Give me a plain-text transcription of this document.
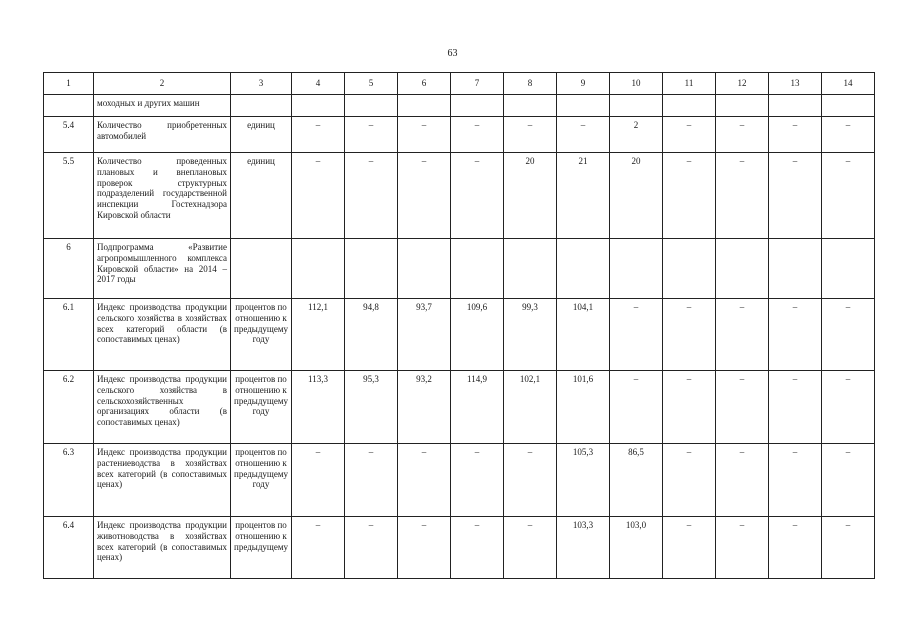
63
1	2	3	4	5	6	7	8	9	10	11	12	13	14
	моходных и других машин												
5.4	Количество приобретенных автомобилей	единиц	–	–	–	–	–	–	2	–	–	–	–
5.5	Количество проведенных плановых и внеплановых проверок структурных подразделений государственной инспекции Гостехнадзора Кировской области	единиц	–	–	–	–	20	21	20	–	–	–	–
6	Подпрограмма «Развитие агропромышленного комплекса Кировской области» на 2014 – 2017 годы												
6.1	Индекс производства продукции сельского хозяйства в хозяйствах всех категорий области (в сопоставимых ценах)	процентов по отношению к предыдущему году	112,1	94,8	93,7	109,6	99,3	104,1	–	–	–	–	–
6.2	Индекс производства продукции сельского хозяйства в сельскохозяйственных организациях области (в сопоставимых ценах)	процентов по отношению к предыдущему году	113,3	95,3	93,2	114,9	102,1	101,6	–	–	–	–	–
6.3	Индекс производства продукции растениеводства в хозяйствах всех категорий (в сопоставимых ценах)	процентов по отношению к предыдущему году	–	–	–	–	–	105,3	86,5	–	–	–	–
6.4	Индекс производства продукции животноводства в хозяйствах всех категорий (в сопоставимых ценах)	процентов по отношению к предыдущему	–	–	–	–	–	103,3	103,0	–	–	–	–
